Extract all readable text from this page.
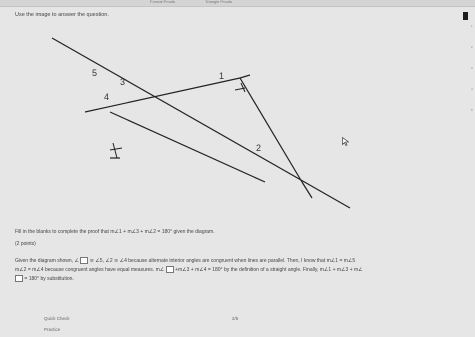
Formal Proofs	Triangle Proofs
Use the image to answer the question.
5
3
4
1
2
Fill in the blanks to complete the proof that m∠1 + m∠3 + m∠2 = 180° given the diagram.
(2 points)
Given the diagram shown, ∠ ≅ ∠5, ∠2 ≅ ∠4 because alternate interior angles are congruent when lines are parallel. Then, I know that m∠1 = m∠5
m∠2 = m∠4 because congruent angles have equal measures. m∠ +m∠3 + m∠4 = 180° by the definition of a straight angle. Finally, m∠1 + m∠3 + m∠
= 180° by substitution.
1
2
3
4
5
Quick Check	2/5
Practice
